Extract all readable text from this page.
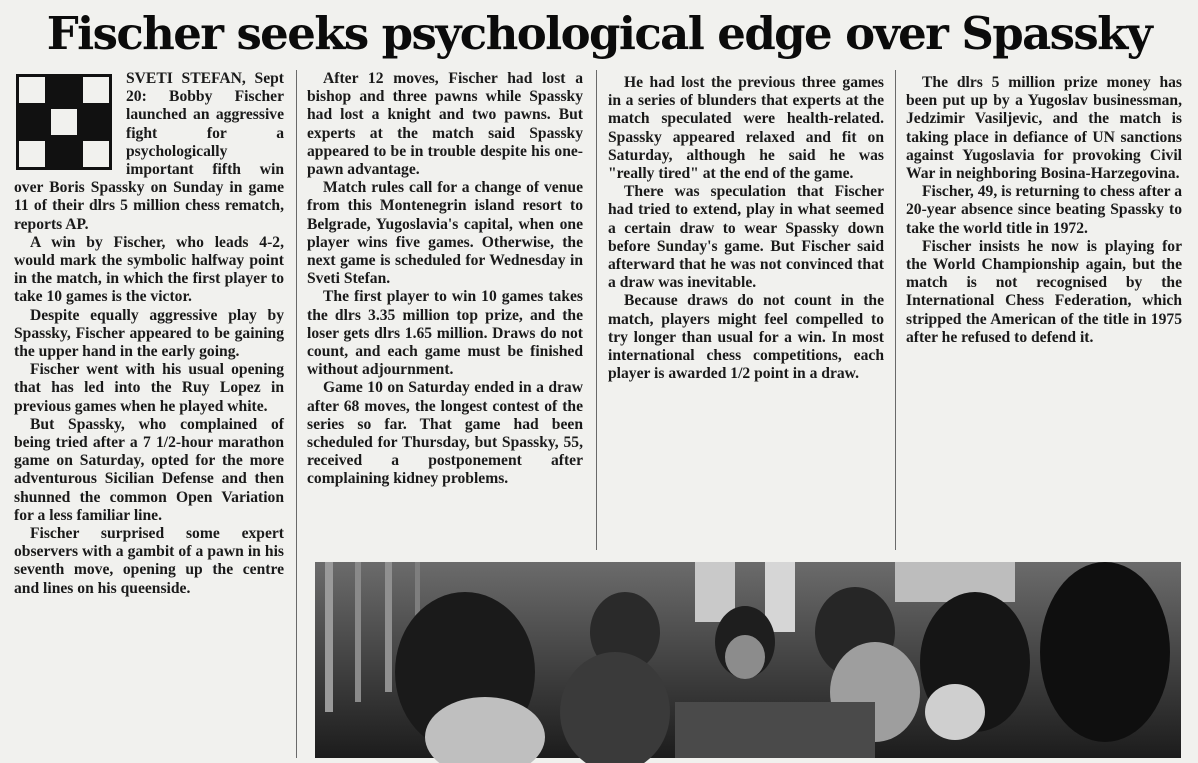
Fischer seeks psychological edge over Spassky

SVETI STEFAN, Sept 20: Bobby Fischer launched an aggressive fight for a psychologically important fifth win over Boris Spassky on Sunday in game 11 of their dlrs 5 million chess rematch, reports AP.

A win by Fischer, who leads 4-2, would mark the symbolic halfway point in the match, in which the first player to take 10 games is the victor.

Despite equally aggressive play by Spassky, Fischer appeared to be gaining the upper hand in the early going.

Fischer went with his usual opening that has led into the Ruy Lopez in previous games when he played white.

But Spassky, who complained of being tried after a 7 1/2-hour marathon game on Saturday, opted for the more adventurous Sicilian Defense and then shunned the common Open Variation for a less familiar line.

Fischer surprised some expert observers with a gambit of a pawn in his seventh move, opening up the centre and lines on his queenside.

After 12 moves, Fischer had lost a bishop and three pawns while Spassky had lost a knight and two pawns. But experts at the match said Spassky appeared to be in trouble despite his one-pawn advantage.

Match rules call for a change of venue from this Montenegrin island resort to Belgrade, Yugoslavia's capital, when one player wins five games. Otherwise, the next game is scheduled for Wednesday in Sveti Stefan.

The first player to win 10 games takes the dlrs 3.35 million top prize, and the loser gets dlrs 1.65 million. Draws do not count, and each game must be finished without adjournment.

Game 10 on Saturday ended in a draw after 68 moves, the longest contest of the series so far. That game had been scheduled for Thursday, but Spassky, 55, received a postponement after complaining kidney problems.

He had lost the previous three games in a series of blunders that experts at the match speculated were health-related. Spassky appeared relaxed and fit on Saturday, although he said he was "really tired" at the end of the game.

There was speculation that Fischer had tried to extend, play in what seemed a certain draw to wear Spassky down before Sunday's game. But Fischer said afterward that he was not convinced that a draw was inevitable.

Because draws do not count in the match, players might feel compelled to try longer than usual for a win. In most international chess competitions, each player is awarded 1/2 point in a draw.

The dlrs 5 million prize money has been put up by a Yugoslav businessman, Jedzimir Vasiljevic, and the match is taking place in defiance of UN sanctions against Yugoslavia for provoking Civil War in neighboring Bosina-Harzegovina.

Fischer, 49, is returning to chess after a 20-year absence since beating Spassky to take the world title in 1972.

Fischer insists he now is playing for the World Championship again, but the match is not recognised by the International Chess Federation, which stripped the American of the title in 1975 after he refused to defend it.
